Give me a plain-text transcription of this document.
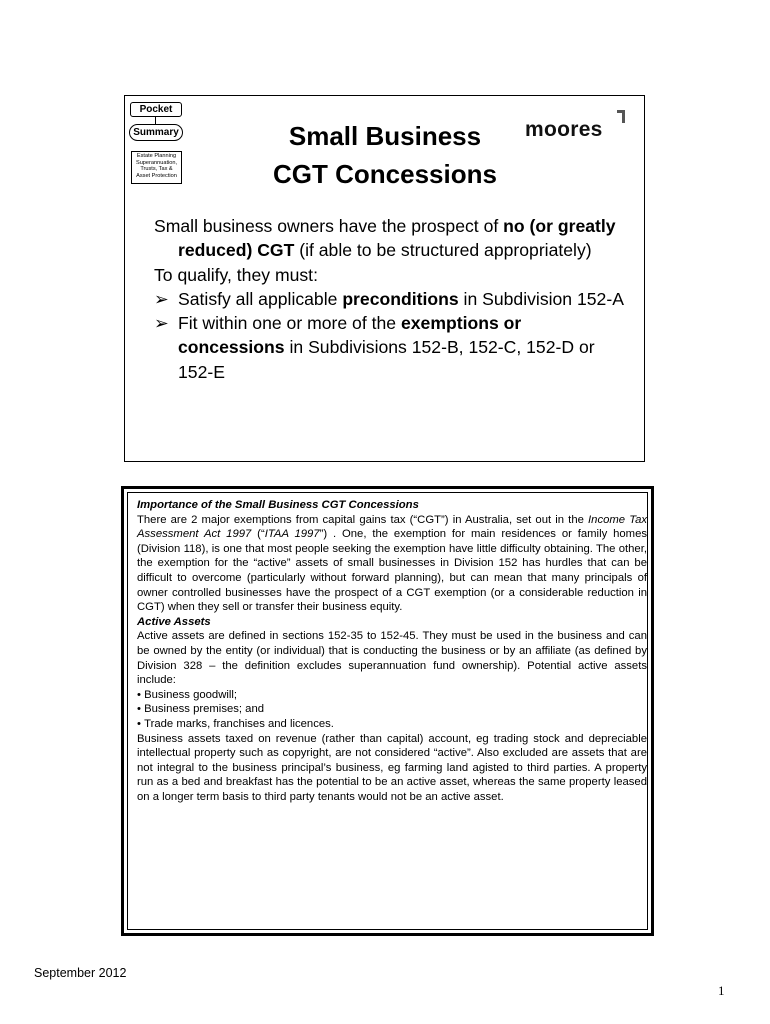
Pocket
Summary
Estate Planning
Superannuation,
Trusts, Tax &
Asset Protection
Small Business
CGT Concessions
moores

Small business owners have the prospect of no (or greatly reduced) CGT (if able to be structured appropriately)

To qualify, they must:

➢ Satisfy all applicable preconditions in Subdivision 152-A

➢ Fit within one or more of the exemptions or concessions in Subdivisions 152-B, 152-C, 152-D or 152-E

Importance of the Small Business CGT Concessions

There are 2 major exemptions from capital gains tax (“CGT”) in Australia, set out in the Income Tax Assessment Act 1997 (“ITAA 1997”) . One, the exemption for main residences or family homes (Division 118), is one that most people seeking the exemption have little difficulty obtaining. The other, the exemption for the “active” assets of small businesses in Division 152 has hurdles that can be difficult to overcome (particularly without forward planning), but can mean that many principals of owner controlled businesses have the prospect of a CGT exemption (or a considerable reduction in CGT) when they sell or transfer their business equity.

Active Assets

Active assets are defined in sections 152-35 to 152-45. They must be used in the business and can be owned by the entity (or individual) that is conducting the business or by an affiliate (as defined by Division 328 – the definition excludes superannuation fund ownership). Potential active assets include:

• Business goodwill;
• Business premises; and
• Trade marks, franchises and licences.

Business assets taxed on revenue (rather than capital) account, eg trading stock and depreciable intellectual property such as copyright, are not considered “active”. Also excluded are assets that are not integral to the business principal’s business, eg farming land agisted to third parties. A property run as a bed and breakfast has the potential to be an active asset, whereas the same property leased on a longer term basis to third party tenants would not be an active asset.

September 2012
1
